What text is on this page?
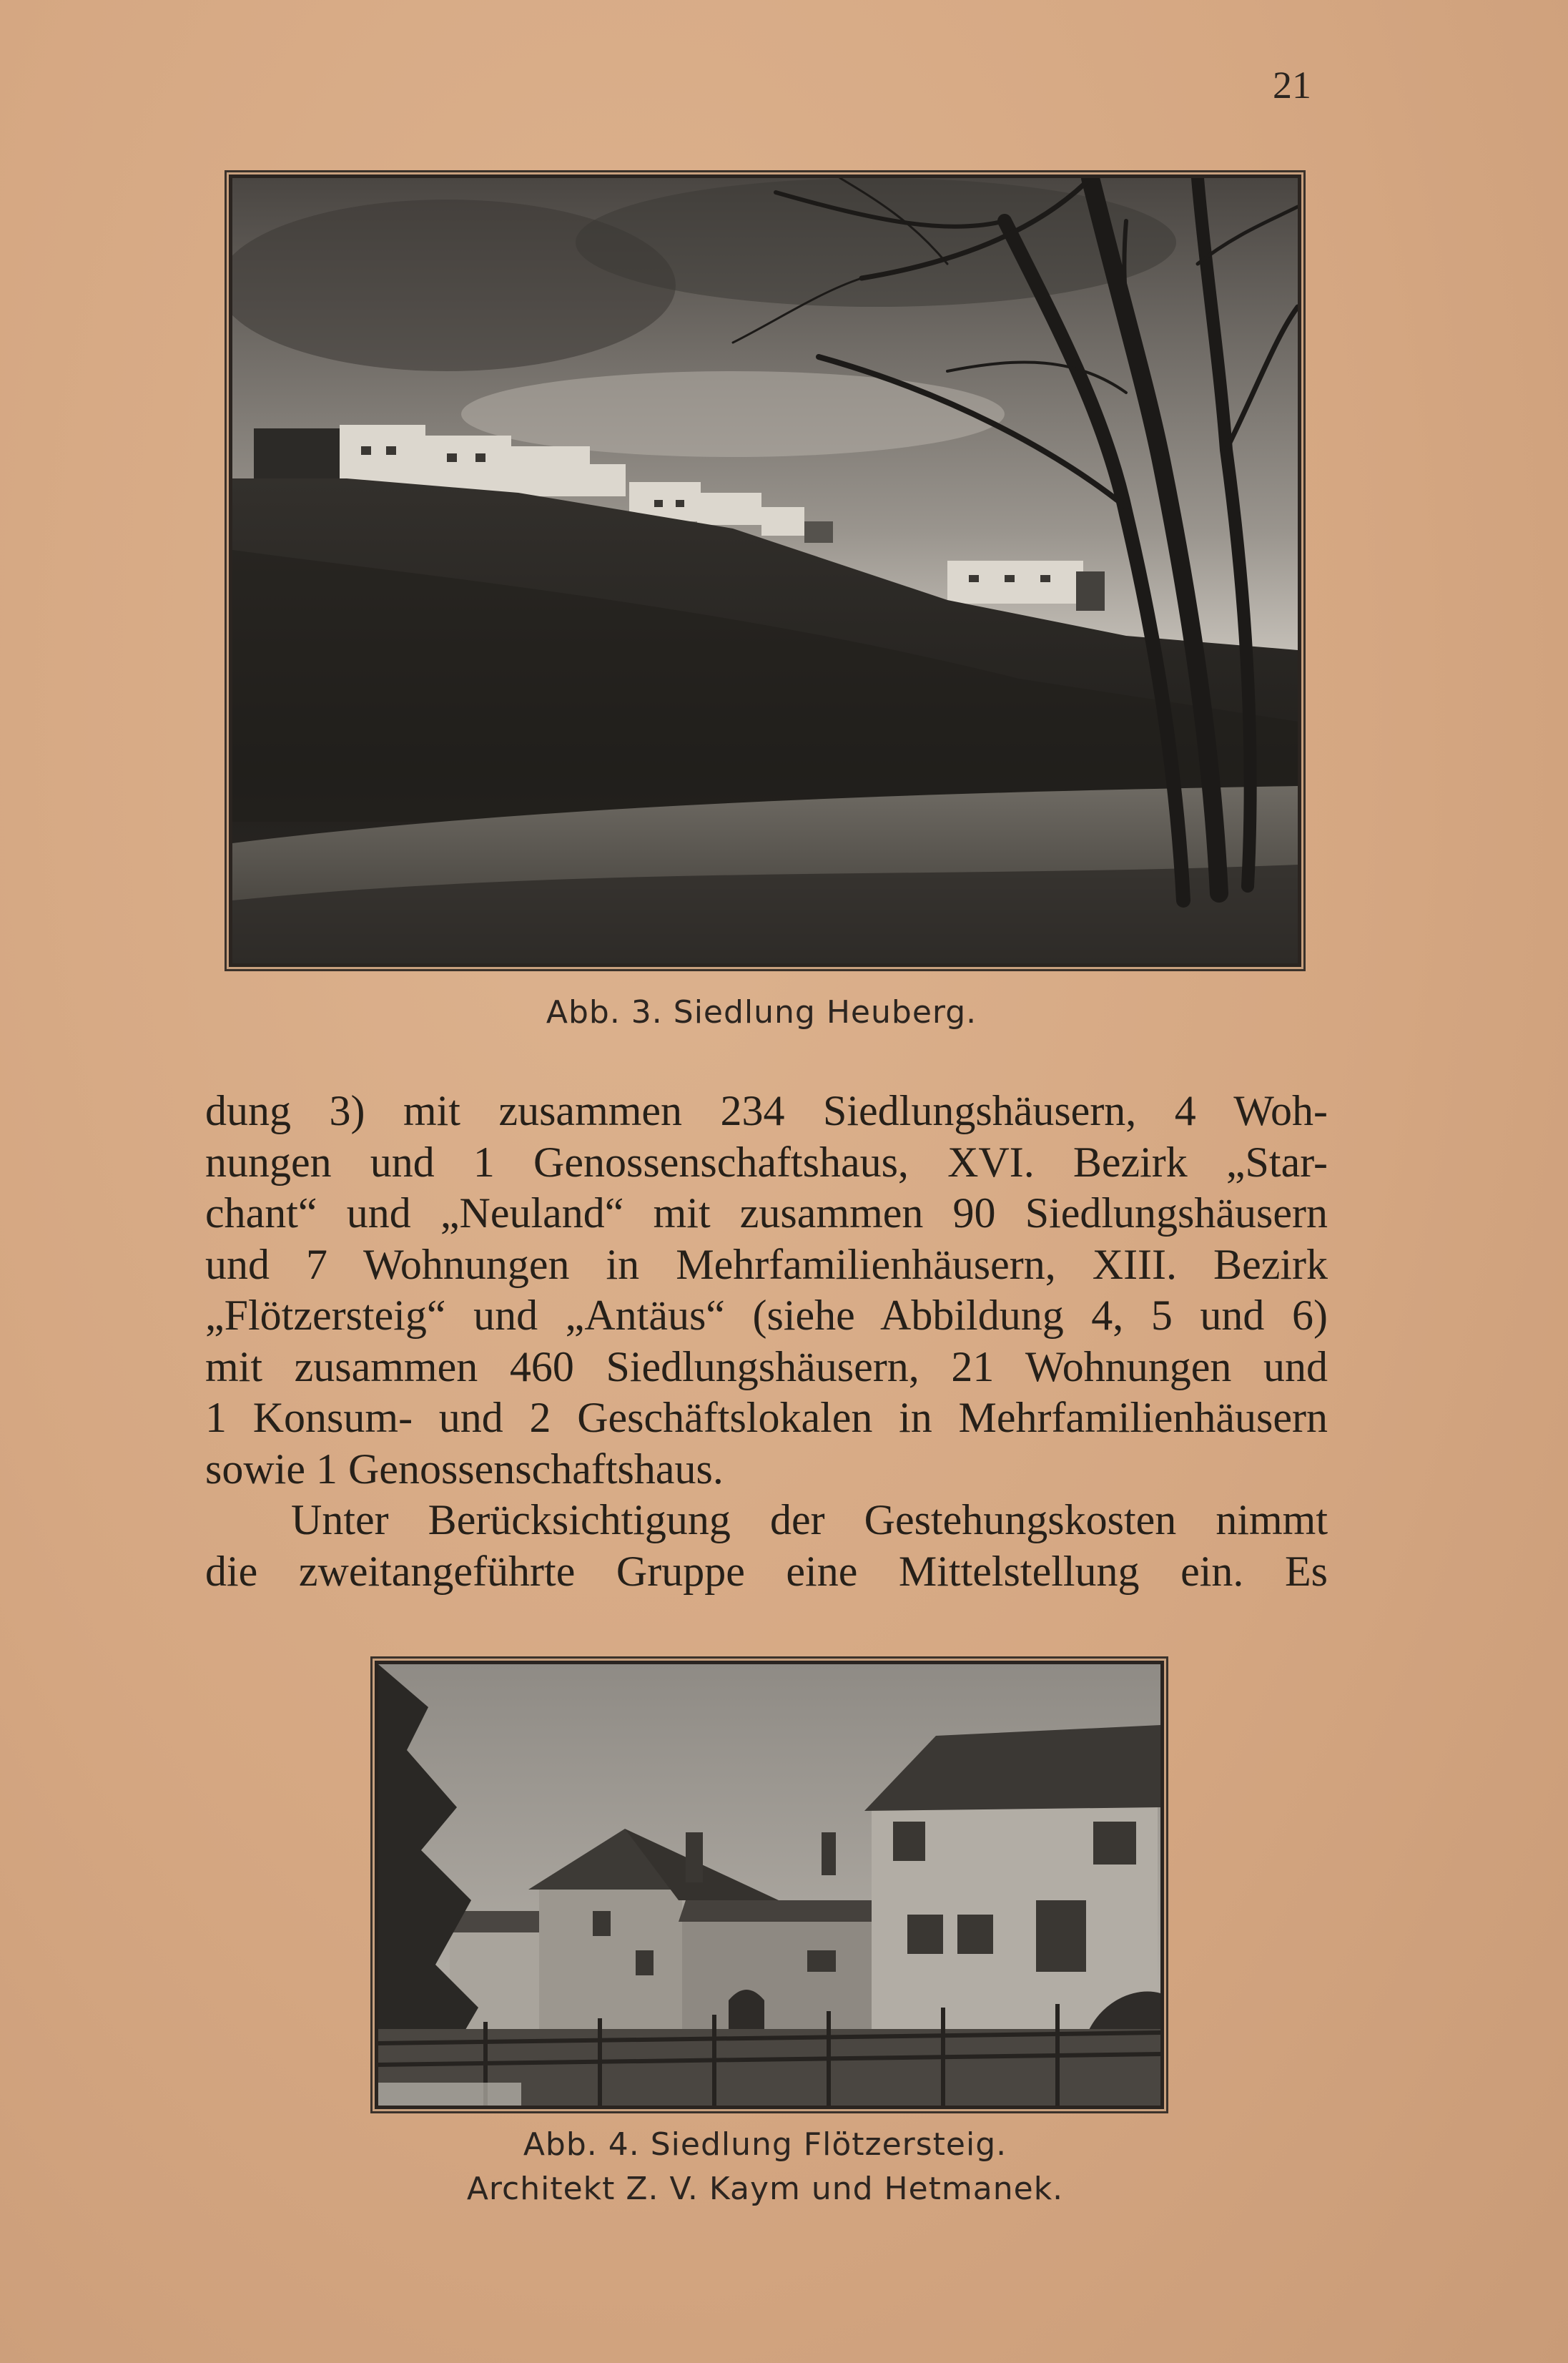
21
Abb. 3. Siedlung Heuberg.
dung 3) mit zusammen 234 Siedlungshäusern, 4 Woh-
nungen und 1 Genossenschaftshaus, XVI. Bezirk „Star-
chant“ und „Neuland“ mit zusammen 90 Siedlungshäusern
und 7 Wohnungen in Mehrfamilienhäusern, XIII. Bezirk
„Flötzersteig“ und „Antäus“ (siehe Abbildung 4, 5 und 6)
mit zusammen 460 Siedlungshäusern, 21 Wohnungen und
1 Konsum- und 2 Geschäftslokalen in Mehrfamilienhäusern
sowie 1 Genossenschaftshaus.
Unter Berücksichtigung der Gestehungskosten nimmt
die zweitangeführte Gruppe eine Mittelstellung ein. Es
Abb. 4. Siedlung Flötzersteig.
Architekt Z. V. Kaym und Hetmanek.
